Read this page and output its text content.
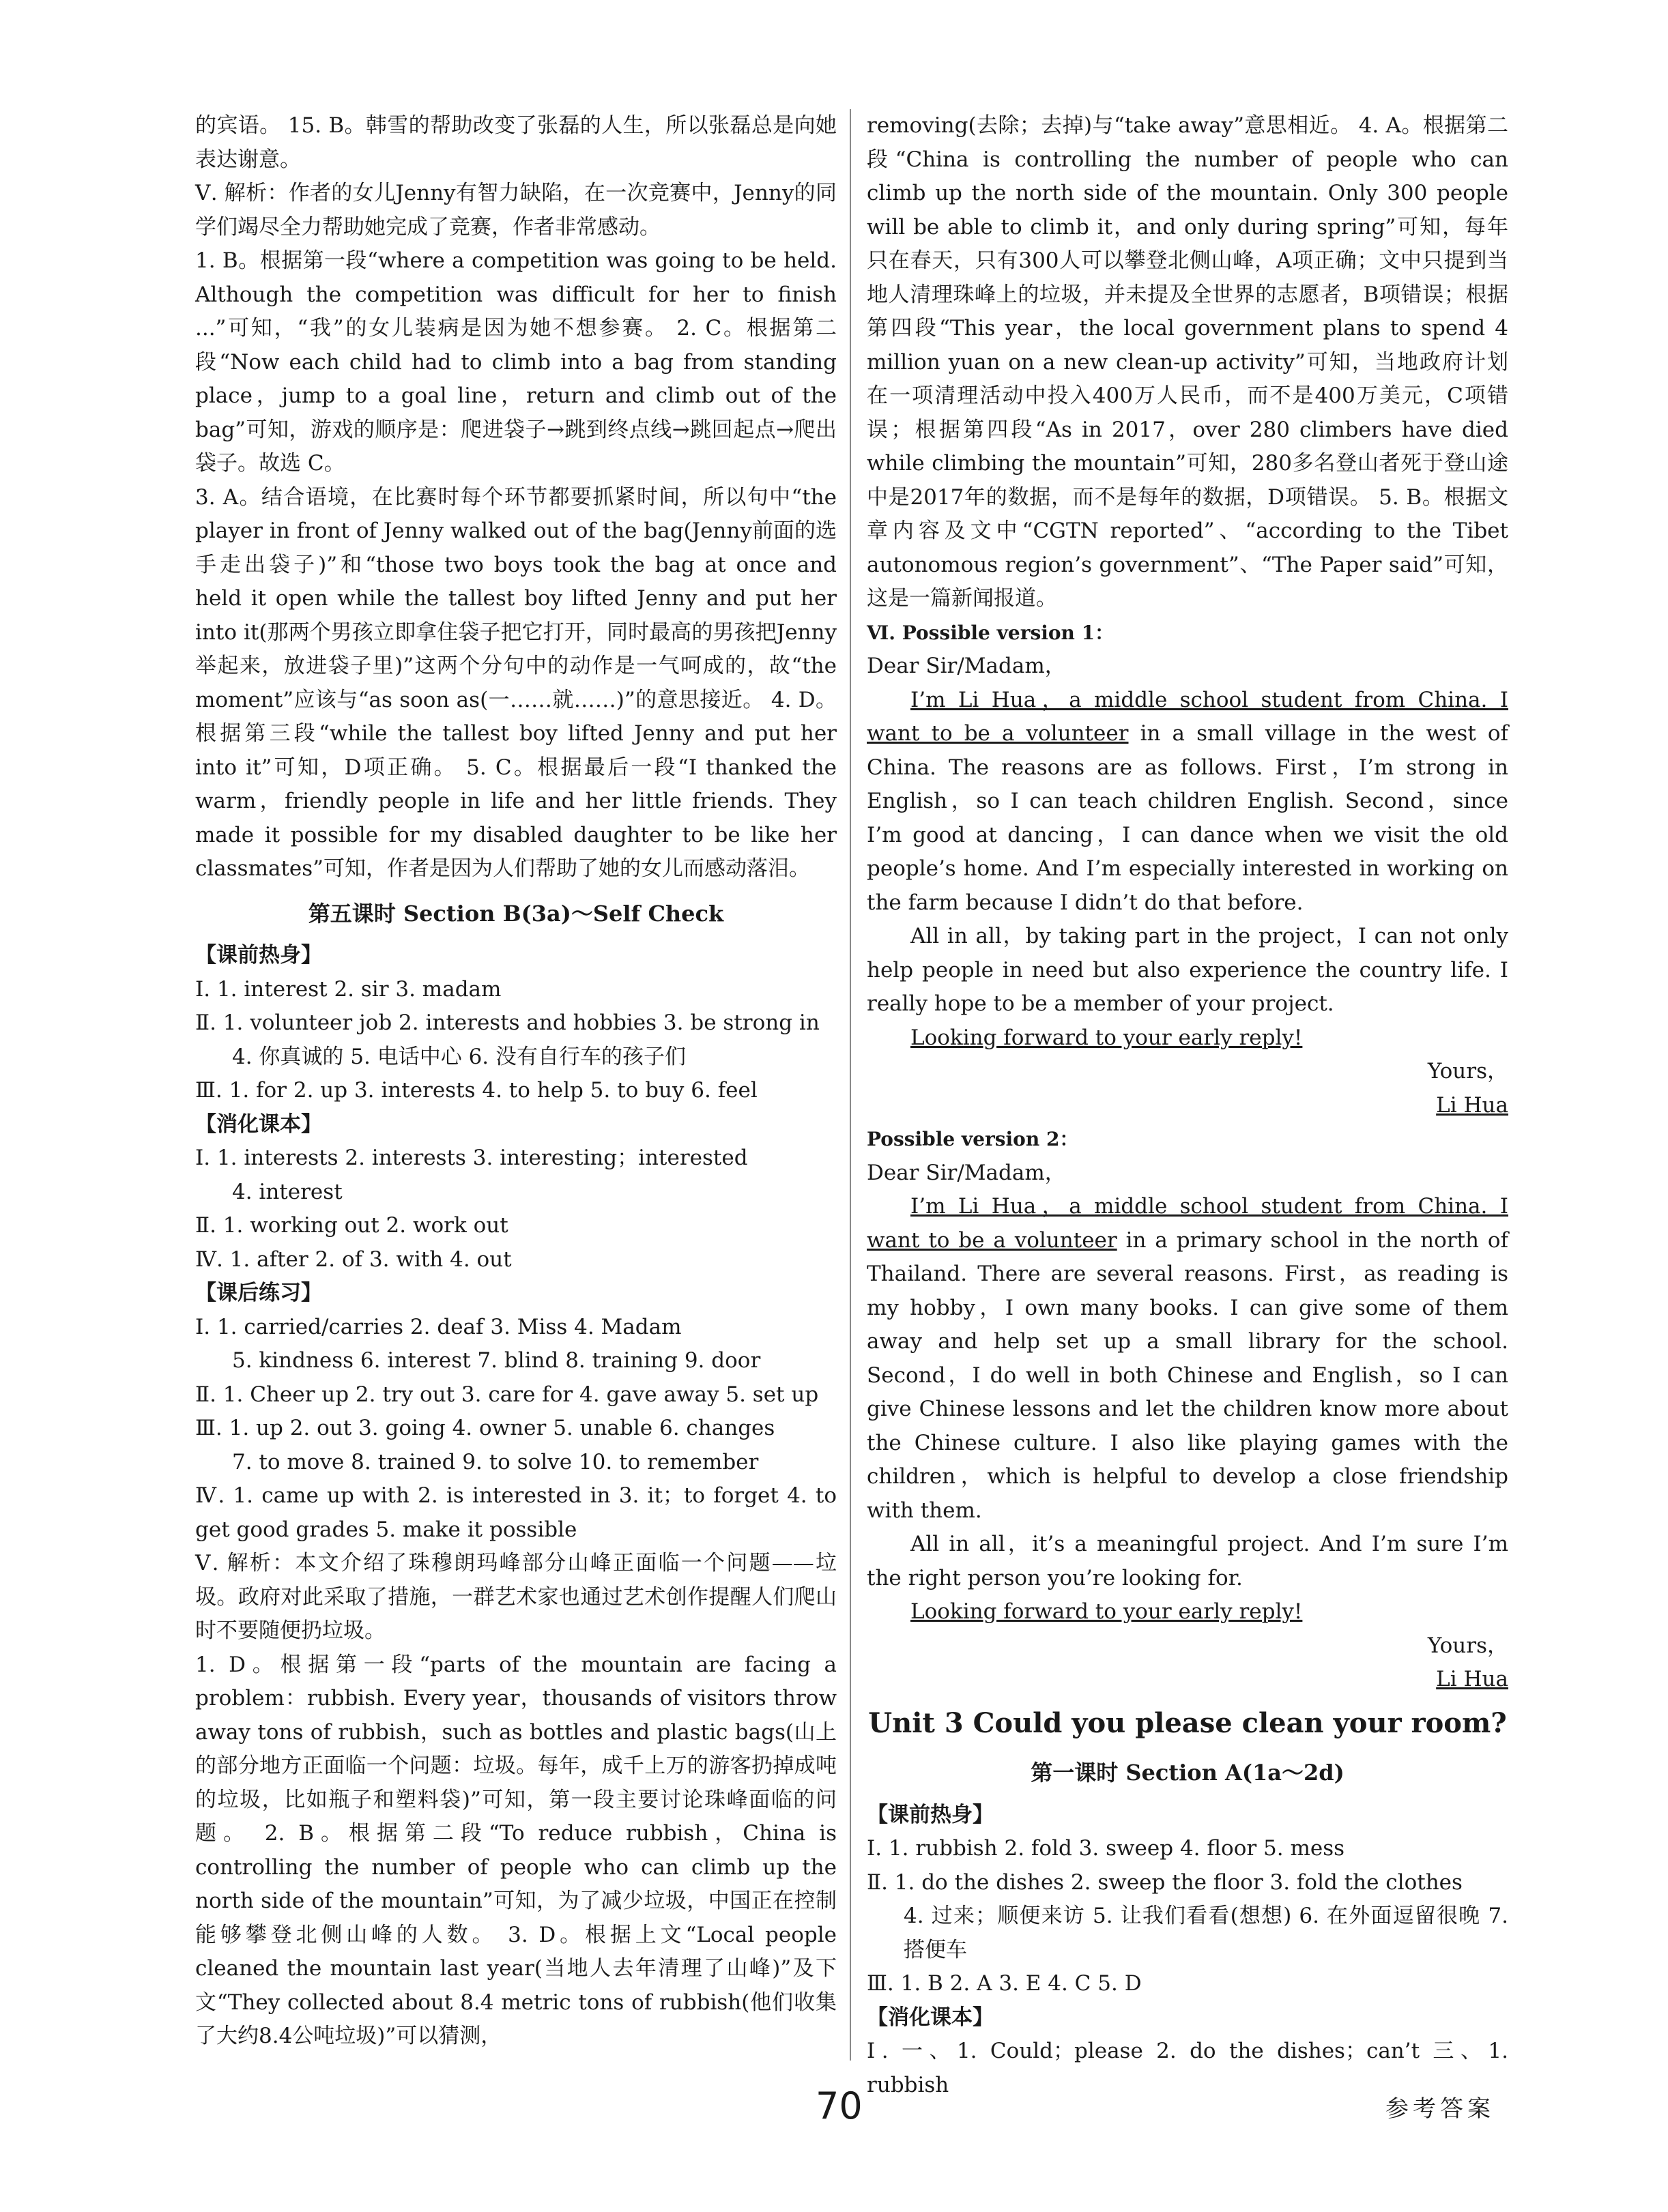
的宾语。 15. B。韩雪的帮助改变了张磊的人生，所以张磊总是向她表达谢意。

Ⅴ. 解析：作者的女儿Jenny有智力缺陷，在一次竞赛中，Jenny的同学们竭尽全力帮助她完成了竞赛，作者非常感动。

1. B。根据第一段“where a competition was going to be held. Although the competition was difficult for her to finish ...”可知，“我”的女儿装病是因为她不想参赛。 2. C。根据第二段“Now each child had to climb into a bag from standing place，jump to a goal line，return and climb out of the bag”可知，游戏的顺序是：爬进袋子→跳到终点线→跳回起点→爬出袋子。故选 C。

3. A。结合语境，在比赛时每个环节都要抓紧时间，所以句中“the player in front of Jenny walked out of the bag(Jenny前面的选手走出袋子)”和“those two boys took the bag at once and held it open while the tallest boy lifted Jenny and put her into it(那两个男孩立即拿住袋子把它打开，同时最高的男孩把Jenny举起来，放进袋子里)”这两个分句中的动作是一气呵成的，故“the moment”应该与“as soon as(一……就……)”的意思接近。 4. D。根据第三段“while the tallest boy lifted Jenny and put her into it”可知，D项正确。 5. C。根据最后一段“I thanked the warm，friendly people in life and her little friends. They made it possible for my disabled daughter to be like her classmates”可知，作者是因为人们帮助了她的女儿而感动落泪。

第五课时 Section B(3a)～Self Check
【课前热身】

Ⅰ. 1. interest 2. sir 3. madam

Ⅱ. 1. volunteer job 2. interests and hobbies 3. be strong in

4. 你真诚的 5. 电话中心 6. 没有自行车的孩子们

Ⅲ. 1. for 2. up 3. interests 4. to help 5. to buy 6. feel

【消化课本】

Ⅰ. 1. interests 2. interests 3. interesting；interested

4. interest

Ⅱ. 1. working out 2. work out

Ⅳ. 1. after 2. of 3. with 4. out

【课后练习】

Ⅰ. 1. carried/carries 2. deaf 3. Miss 4. Madam

5. kindness 6. interest 7. blind 8. training 9. door

Ⅱ. 1. Cheer up 2. try out 3. care for 4. gave away 5. set up

Ⅲ. 1. up 2. out 3. going 4. owner 5. unable 6. changes

7. to move 8. trained 9. to solve 10. to remember

Ⅳ. 1. came up with 2. is interested in 3. it；to forget 4. to get good grades 5. make it possible

Ⅴ. 解析：本文介绍了珠穆朗玛峰部分山峰正面临一个问题——垃圾。政府对此采取了措施，一群艺术家也通过艺术创作提醒人们爬山时不要随便扔垃圾。

1. D。根据第一段“parts of the mountain are facing a problem：rubbish. Every year，thousands of visitors throw away tons of rubbish，such as bottles and plastic bags(山上的部分地方正面临一个问题：垃圾。每年，成千上万的游客扔掉成吨的垃圾，比如瓶子和塑料袋)”可知，第一段主要讨论珠峰面临的问题。 2. B。根据第二段“To reduce rubbish，China is controlling the number of people who can climb up the north side of the mountain”可知，为了减少垃圾，中国正在控制能够攀登北侧山峰的人数。 3. D。根据上文“Local people cleaned the mountain last year(当地人去年清理了山峰)”及下文“They collected about 8.4 metric tons of rubbish(他们收集了大约8.4公吨垃圾)”可以猜测，

removing(去除；去掉)与“take away”意思相近。 4. A。根据第二段“China is controlling the number of people who can climb up the north side of the mountain. Only 300 people will be able to climb it，and only during spring”可知，每年只在春天，只有300人可以攀登北侧山峰，A项正确；文中只提到当地人清理珠峰上的垃圾，并未提及全世界的志愿者，B项错误；根据第四段“This year，the local government plans to spend 4 million yuan on a new clean-up activity”可知，当地政府计划在一项清理活动中投入400万人民币，而不是400万美元，C项错误；根据第四段“As in 2017，over 280 climbers have died while climbing the mountain”可知，280多名登山者死于登山途中是2017年的数据，而不是每年的数据，D项错误。 5. B。根据文章内容及文中“CGTN reported”、“according to the Tibet autonomous region’s government”、“The Paper said”可知，这是一篇新闻报道。

Ⅵ. Possible version 1：

Dear Sir/Madam，

I’m Li Hua，a middle school student from China. I want to be a volunteer in a small village in the west of China. The reasons are as follows. First，I’m strong in English，so I can teach children English. Second，since I’m good at dancing，I can dance when we visit the old people’s home. And I’m especially interested in working on the farm because I didn’t do that before.

All in all，by taking part in the project，I can not only help people in need but also experience the country life. I really hope to be a member of your project.

Looking forward to your early reply!

Yours，

Li Hua

Possible version 2：

Dear Sir/Madam，

I’m Li Hua，a middle school student from China. I want to be a volunteer in a primary school in the north of Thailand. There are several reasons. First，as reading is my hobby，I own many books. I can give some of them away and help set up a small library for the school. Second，I do well in both Chinese and English，so I can give Chinese lessons and let the children know more about the Chinese culture. I also like playing games with the children，which is helpful to develop a close friendship with them.

All in all，it’s a meaningful project. And I’m sure I’m the right person you’re looking for.

Looking forward to your early reply!

Yours，

Li Hua

Unit 3 Could you please clean your room?
第一课时 Section A(1a～2d)
【课前热身】

Ⅰ. 1. rubbish 2. fold 3. sweep 4. floor 5. mess

Ⅱ. 1. do the dishes 2. sweep the floor 3. fold the clothes

4. 过来；顺便来访 5. 让我们看看(想想) 6. 在外面逗留很晚 7. 搭便车

Ⅲ. 1. B 2. A 3. E 4. C 5. D

【消化课本】

Ⅰ. 一、1. Could；please 2. do the dishes；can’t 三、1. rubbish

70	参考答案
